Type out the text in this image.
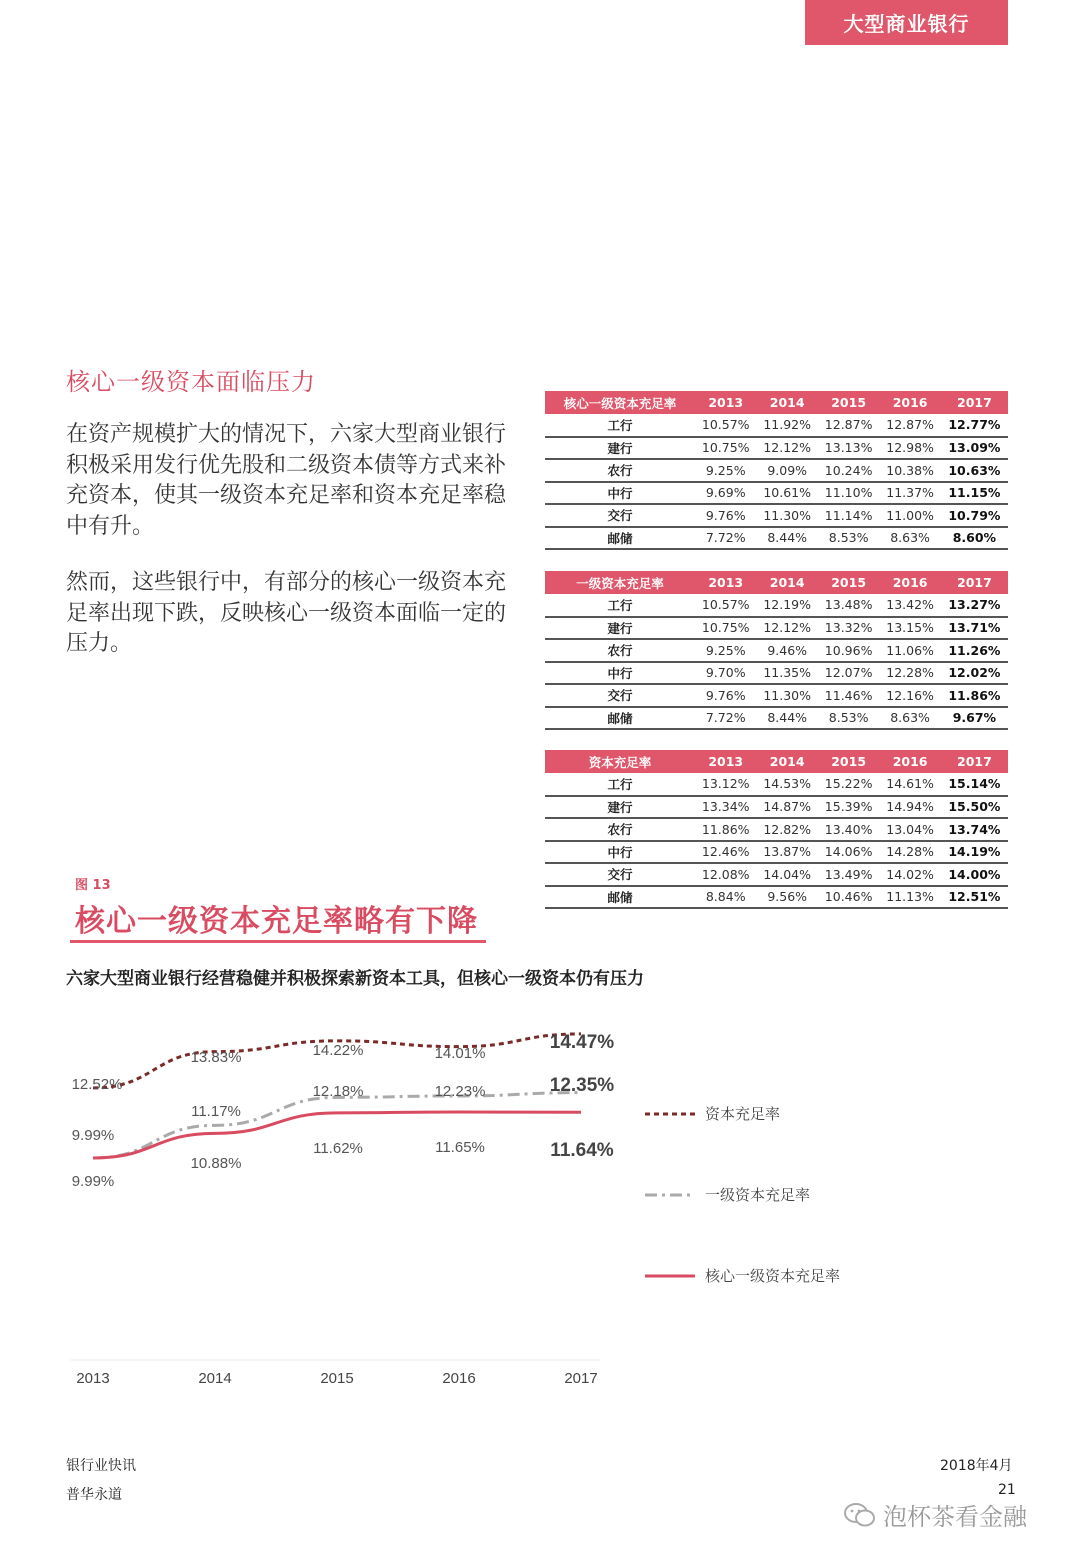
大型商业银行
核心一级资本面临压力

在资产规模扩大的情况下，六家大型商业银行积极采用发行优先股和二级资本债等方式来补充资本，使其一级资本充足率和资本充足率稳中有升。

然而，这些银行中，有部分的核心一级资本充足率出现下跌，反映核心一级资本面临一定的压力。

核心一级资本充足率	2013	2014	2015	2016	2017
工行	10.57%	11.92%	12.87%	12.87%	12.77%
建行	10.75%	12.12%	13.13%	12.98%	13.09%
农行	9.25%	9.09%	10.24%	10.38%	10.63%
中行	9.69%	10.61%	11.10%	11.37%	11.15%
交行	9.76%	11.30%	11.14%	11.00%	10.79%
邮储	7.72%	8.44%	8.53%	8.63%	8.60%
一级资本充足率	2013	2014	2015	2016	2017
工行	10.57%	12.19%	13.48%	13.42%	13.27%
建行	10.75%	12.12%	13.32%	13.15%	13.71%
农行	9.25%	9.46%	10.96%	11.06%	11.26%
中行	9.70%	11.35%	12.07%	12.28%	12.02%
交行	9.76%	11.30%	11.46%	12.16%	11.86%
邮储	7.72%	8.44%	8.53%	8.63%	9.67%
资本充足率	2013	2014	2015	2016	2017
工行	13.12%	14.53%	15.22%	14.61%	15.14%
建行	13.34%	14.87%	15.39%	14.94%	15.50%
农行	11.86%	12.82%	13.40%	13.04%	13.74%
中行	12.46%	13.87%	14.06%	14.28%	14.19%
交行	12.08%	14.04%	13.49%	14.02%	14.00%
邮储	8.84%	9.56%	10.46%	11.13%	12.51%
图 13
核心一级资本充足率略有下降
六家大型商业银行经营稳健并积极探索新资本工具，但核心一级资本仍有压力
12.52%
13.83%	14.22%	14.01%
14.47%
资本充足率
9.99%
11.17%
12.18%	12.23%	12.35%
一级资本充足率
9.99%
10.88%
11.62%	11.65%	11.64%
核心一级资本充足率
2013	2014	2015	2016	2017
银行业快讯
普华永道
2018年4月
21
泡杯茶看金融
